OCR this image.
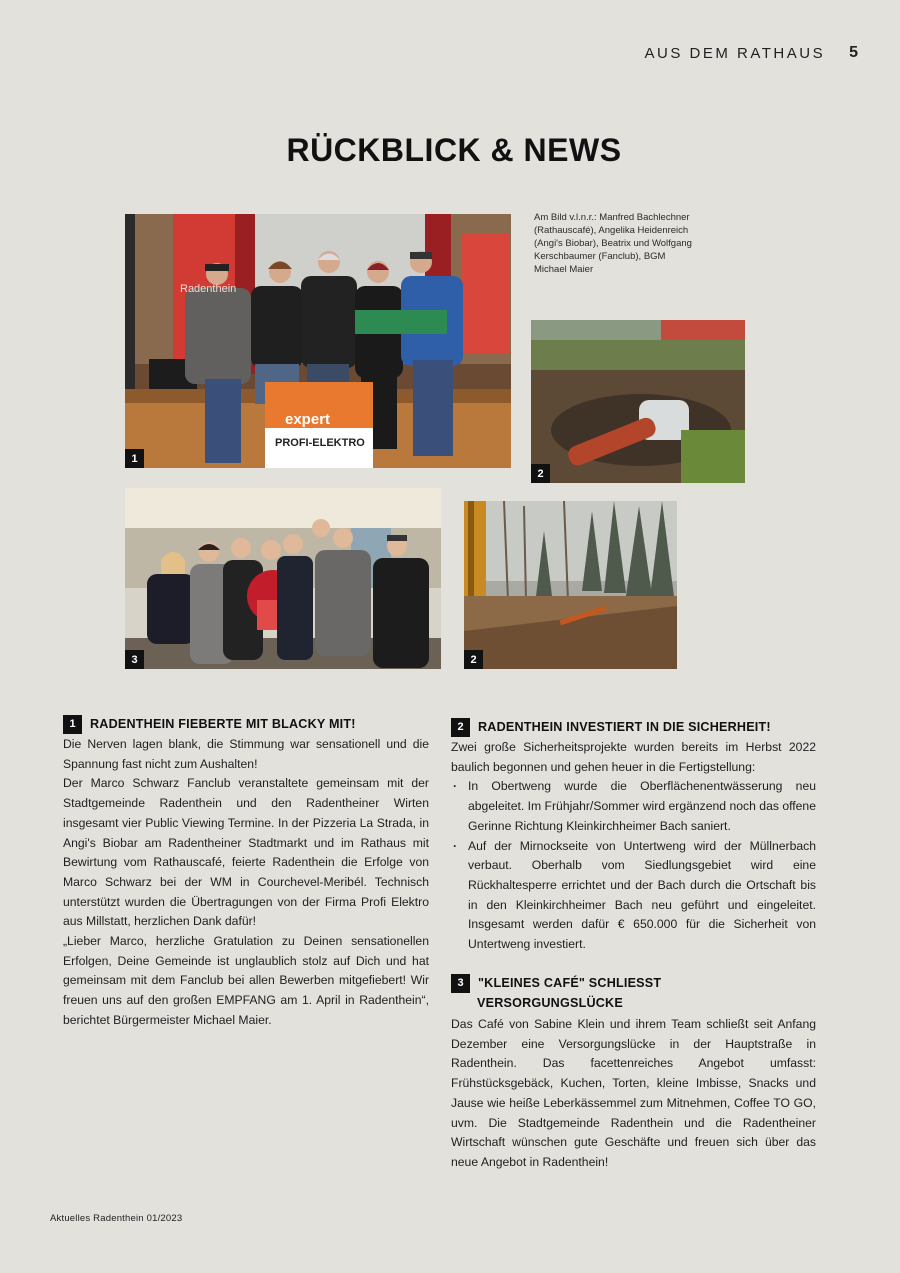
AUS DEM RATHAUS 5
RÜCKBLICK & NEWS
expert
PROFI-ELEKTRO
Radenthein
1
Am Bild v.l.n.r.: Manfred Bachlechner (Rathauscafé), Angelika Heidenreich (Angi's Biobar), Beatrix und Wolfgang Kerschbaumer (Fanclub), BGM Michael Maier
2
3	2
1	RADENTHEIN FIEBERTE MIT BLACKY MIT!

Die Nerven lagen blank, die Stimmung war sensationell und die Spannung fast nicht zum Aushalten!

Der Marco Schwarz Fanclub veranstaltete gemeinsam mit der Stadtgemeinde Radenthein und den Radentheiner Wirten insgesamt vier Public Viewing Termine. In der Pizzeria La Strada, in Angi's Biobar am Radentheiner Stadtmarkt und im Rathaus mit Bewirtung vom Rathauscafé, feierte Radenthein die Erfolge von Marco Schwarz bei der WM in Courchevel-Meribél. Technisch unterstützt wurden die Übertragungen von der Firma Profi Elektro aus Millstatt, herzlichen Dank dafür!

„Lieber Marco, herzliche Gratulation zu Deinen sensationellen Erfolgen, Deine Gemeinde ist unglaublich stolz auf Dich und hat gemeinsam mit dem Fanclub bei allen Bewerben mitgefiebert! Wir freuen uns auf den großen EMPFANG am 1. April in Radenthein“, berichtet Bürgermeister Michael Maier.

2	RADENTHEIN INVESTIERT IN DIE SICHERHEIT!

Zwei große Sicherheitsprojekte wurden bereits im Herbst 2022 baulich begonnen und gehen heuer in die Fertigstellung:

· In Obertweng wurde die Oberflächenentwässerung neu abgeleitet. Im Frühjahr/Sommer wird ergänzend noch das offene Gerinne Richtung Kleinkirchheimer Bach saniert.
· Auf der Mirnockseite von Untertweng wird der Müllnerbach verbaut. Oberhalb vom Siedlungsgebiet wird eine Rückhaltesperre errichtet und der Bach durch die Ortschaft bis in den Kleinkirchheimer Bach neu geführt und eingeleitet. Insgesamt werden dafür € 650.000 für die Sicherheit von Untertweng investiert.
3	"KLEINES CAFÉ" SCHLIESST
VERSORGUNGSLÜCKE

Das Café von Sabine Klein und ihrem Team schließt seit Anfang Dezember eine Versorgungslücke in der Hauptstraße in Radenthein. Das facettenreiches Angebot umfasst: Frühstücksgebäck, Kuchen, Torten, kleine Imbisse, Snacks und Jause wie heiße Leberkässemmel zum Mitnehmen, Coffee TO GO, uvm. Die Stadtgemeinde Radenthein und die Radentheiner Wirtschaft wünschen gute Geschäfte und freuen sich über das neue Angebot in Radenthein!

Aktuelles Radenthein 01/2023
